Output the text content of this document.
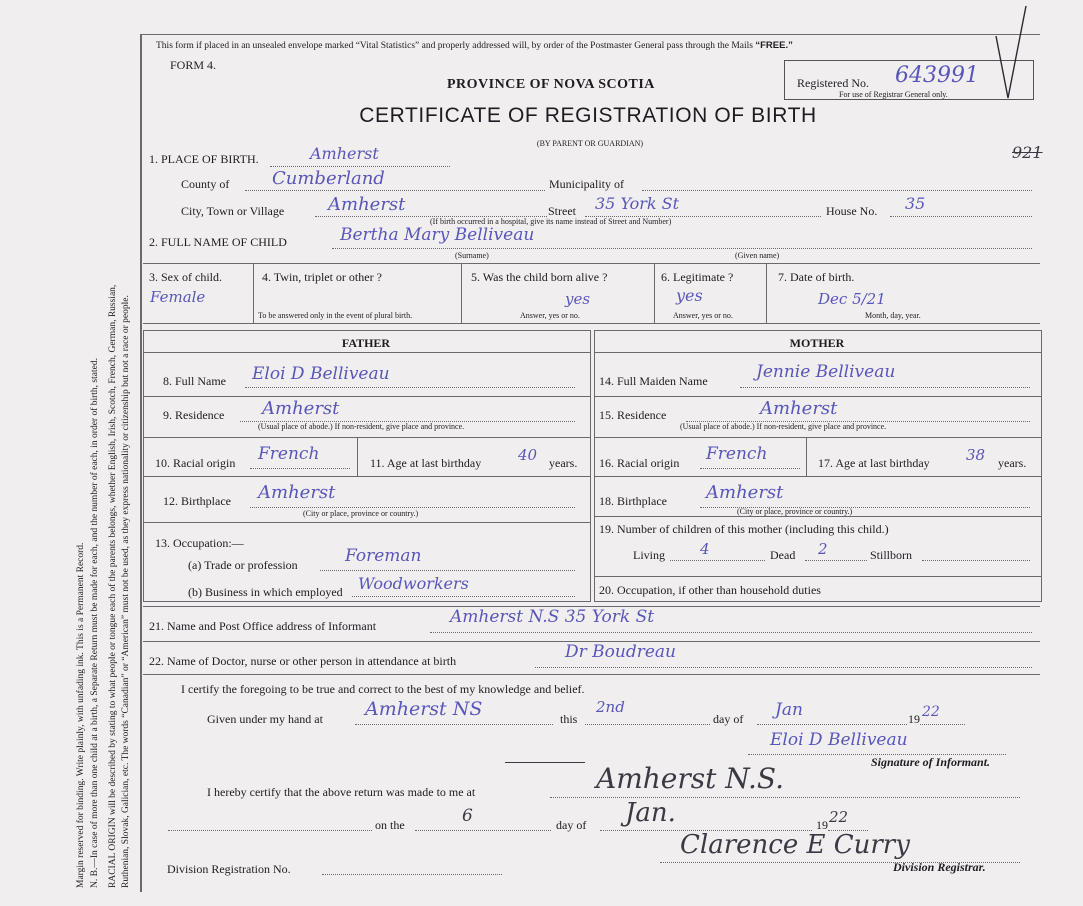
Margin reserved for binding. Write plainly, with unfading ink. This is a Permanent Record. N. B.—In case of more than one child at a birth, a Separate Return must be made for each, and the number of each, in order of birth, stated. RACIAL ORIGIN will be described by stating to what people or tongue each of the parents belongs, whether English, Irish, Scotch, French, German, Russian, Ruthenian, Slovak, Galician, etc. The words “Canadian” or “American” must not be used, as they express nationality or citizenship but not a race or people.
This form if placed in an unsealed envelope marked “Vital Statistics” and properly addressed will, by order of the Postmaster General pass through the Mails “FREE.”
FORM 4.
PROVINCE OF NOVA SCOTIA
CERTIFICATE OF REGISTRATION OF BIRTH
(BY PARENT OR GUARDIAN)
Registered No. 643991
For use of Registrar General only.
921
1. PLACE OF BIRTH.	Amherst
County of Cumberland	Municipality of
City, Town or Village Amherst	Street 35 York St	House No. 35
(If birth occurred in a hospital, give its name instead of Street and Number)
2. FULL NAME OF CHILD	Bertha Mary Belliveau
(Surname)	(Given name)
3. Sex of child.
Female
4. Twin, triplet or other ?
To be answered only in the event of plural birth.
5. Was the child born alive ?
yes
Answer, yes or no.
6. Legitimate ?
yes
Answer, yes or no.
7. Date of birth.
Dec 5/21
Month, day, year.
FATHER	MOTHER
8. Full Name Eloi D Belliveau
9. Residence Amherst
(Usual place of abode.) If non-resident, give place and province.
10. Racial origin French	11. Age at last birthday 40 years.
12. Birthplace Amherst
(City or place, province or country.)
13. Occupation:—
(a) Trade or profession	Foreman
(b) Business in which employed Woodworkers
14. Full Maiden Name	Jennie Belliveau
15. Residence	Amherst
(Usual place of abode.) If non-resident, give place and province.
16. Racial origin French	17. Age at last birthday 38 years.
18. Birthplace Amherst
(City or place, province or country.)
19. Number of children of this mother (including this child.)
Living 4	Dead 2	Stillborn
20. Occupation, if other than household duties
21. Name and Post Office address of Informant	Amherst N.S 35 York St
22. Name of Doctor, nurse or other person in attendance at birth	Dr Boudreau
I certify the foregoing to be true and correct to the best of my knowledge and belief.
Given under my hand at Amherst NS	this
2nd
day of Jan	19 22
Eloi D Belliveau
Signature of Informant.
I hereby certify that the above return was made to me at	Amherst N.S.
on the	6	day of Jan.	19 22
Clarence E Curry
Division Registration No.	Division Registrar.
